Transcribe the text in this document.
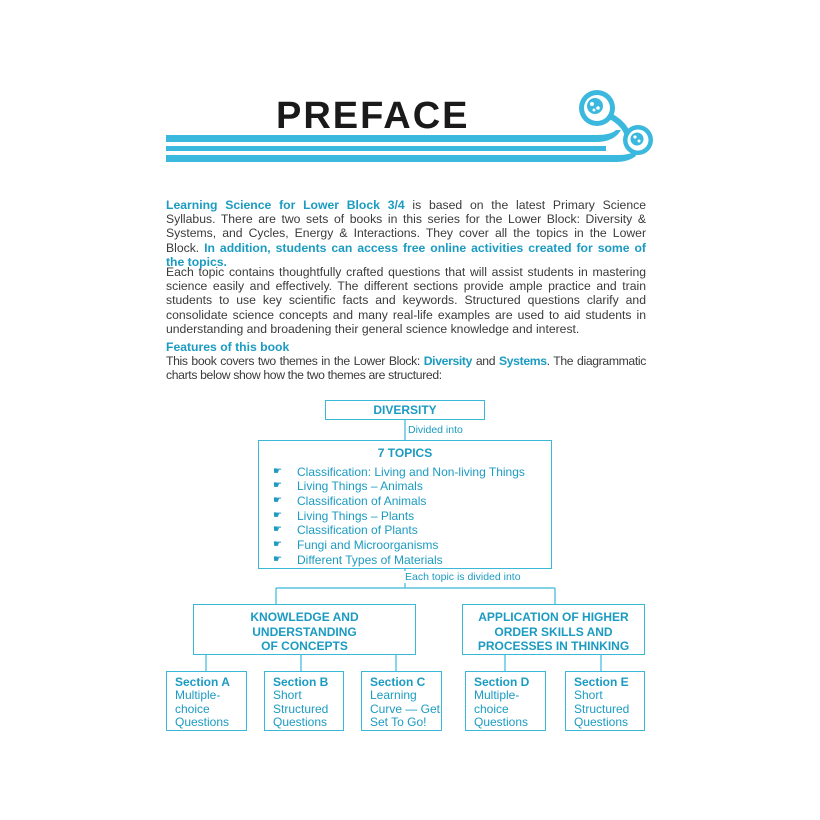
PREFACE
Learning Science for Lower Block 3/4 is based on the latest Primary Science Syllabus. There are two sets of books in this series for the Lower Block: Diversity & Systems, and Cycles, Energy & Interactions. They cover all the topics in the Lower Block. In addition, students can access free online activities created for some of the topics.
Each topic contains thoughtfully crafted questions that will assist students in mastering science easily and effectively. The different sections provide ample practice and train students to use key scientific facts and keywords. Structured questions clarify and consolidate science concepts and many real-life examples are used to aid students in understanding and broadening their general science knowledge and interest.
Features of this book
This book covers two themes in the Lower Block: Diversity and Systems. The diagrammatic charts below show how the two themes are structured:
DIVERSITY
Divided into
7 TOPICS
☛ Classification: Living and Non-living Things
☛ Living Things – Animals
☛ Classification of Animals
☛ Living Things – Plants
☛ Classification of Plants
☛ Fungi and Microorganisms
☛ Different Types of Materials
Each topic is divided into
KNOWLEDGE AND
UNDERSTANDING
OF CONCEPTS
APPLICATION OF HIGHER
ORDER SKILLS AND
PROCESSES IN THINKING
Section A
Multiple-
choice
Questions
Section B
Short
Structured
Questions
Section C
Learning
Curve — Get
Set To Go!
Section D
Multiple-
choice
Questions
Section E
Short
Structured
Questions
